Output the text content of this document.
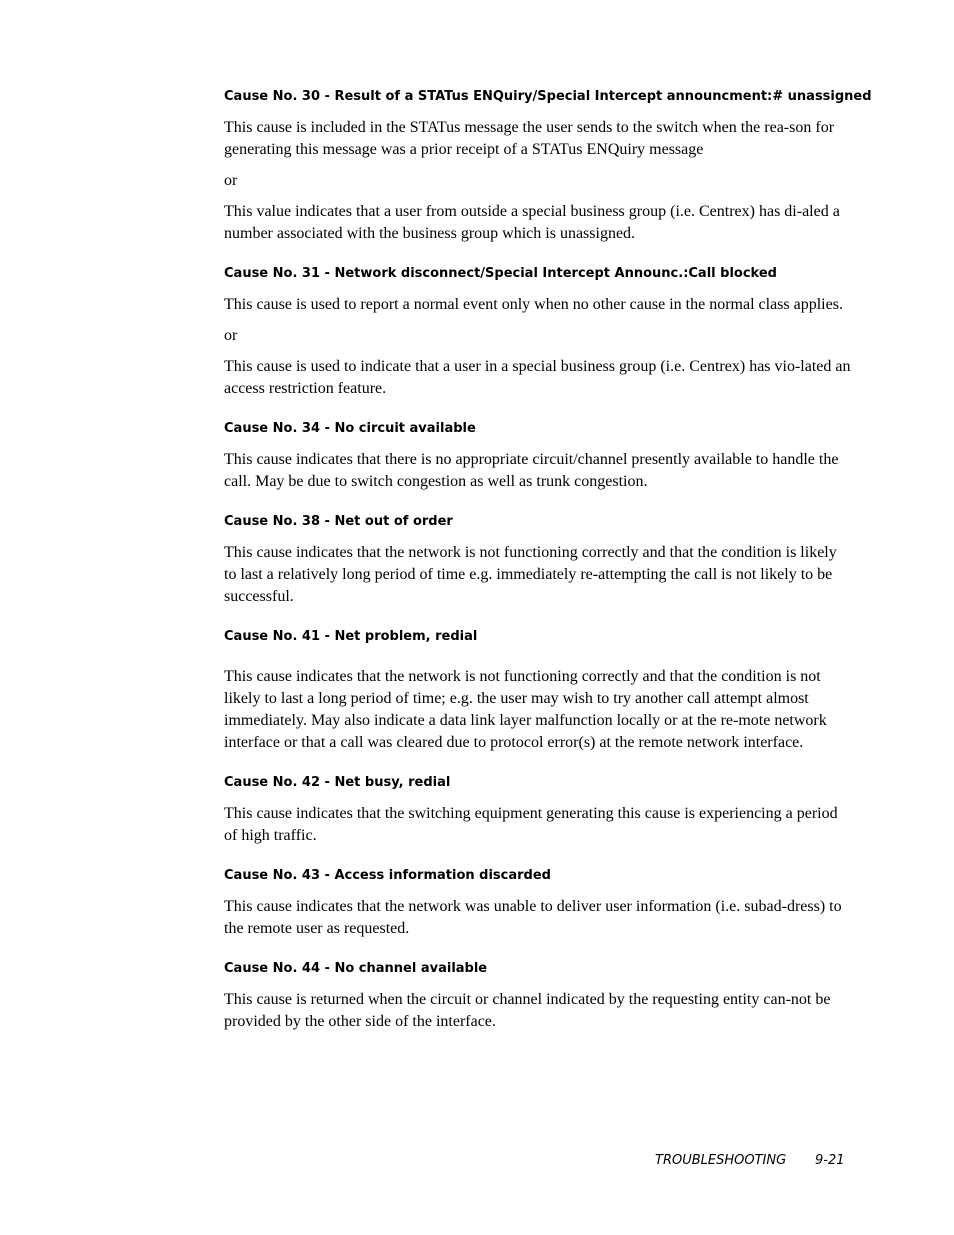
Cause No. 30 - Result of a STATus ENQuiry/Special Intercept announcment:# unassigned

This cause is included in the STATus message the user sends to the switch when the rea-son for generating this message was a prior receipt of a STATus ENQuiry message

or

This value indicates that a user from outside a special business group (i.e. Centrex) has di-aled a number associated with the business group which is unassigned.

Cause No. 31 - Network disconnect/Special Intercept Announc.:Call blocked

This cause is used to report a normal event only when no other cause in the normal class applies.

or

This cause is used to indicate that a user in a special business group (i.e. Centrex) has vio-lated an access restriction feature.

Cause No. 34 - No circuit available

This cause indicates that there is no appropriate circuit/channel presently available to handle the call. May be due to switch congestion as well as trunk congestion.

Cause No. 38 - Net out of order

This cause indicates that the network is not functioning correctly and that the condition is likely to last a relatively long period of time e.g. immediately re-attempting the call is not likely to be successful.

Cause No. 41 - Net problem, redial

This cause indicates that the network is not functioning correctly and that the condition is not likely to last a long period of time; e.g. the user may wish to try another call attempt almost immediately. May also indicate a data link layer malfunction locally or at the re-mote network interface or that a call was cleared due to protocol error(s) at the remote network interface.

Cause No. 42 - Net busy, redial

This cause indicates that the switching equipment generating this cause is experiencing a period of high traffic.

Cause No. 43 - Access information discarded

This cause indicates that the network was unable to deliver user information (i.e. subad-dress) to the remote user as requested.

Cause No. 44 - No channel available

This cause is returned when the circuit or channel indicated by the requesting entity can-not be provided by the other side of the interface.

TROUBLESHOOTING 9-21
